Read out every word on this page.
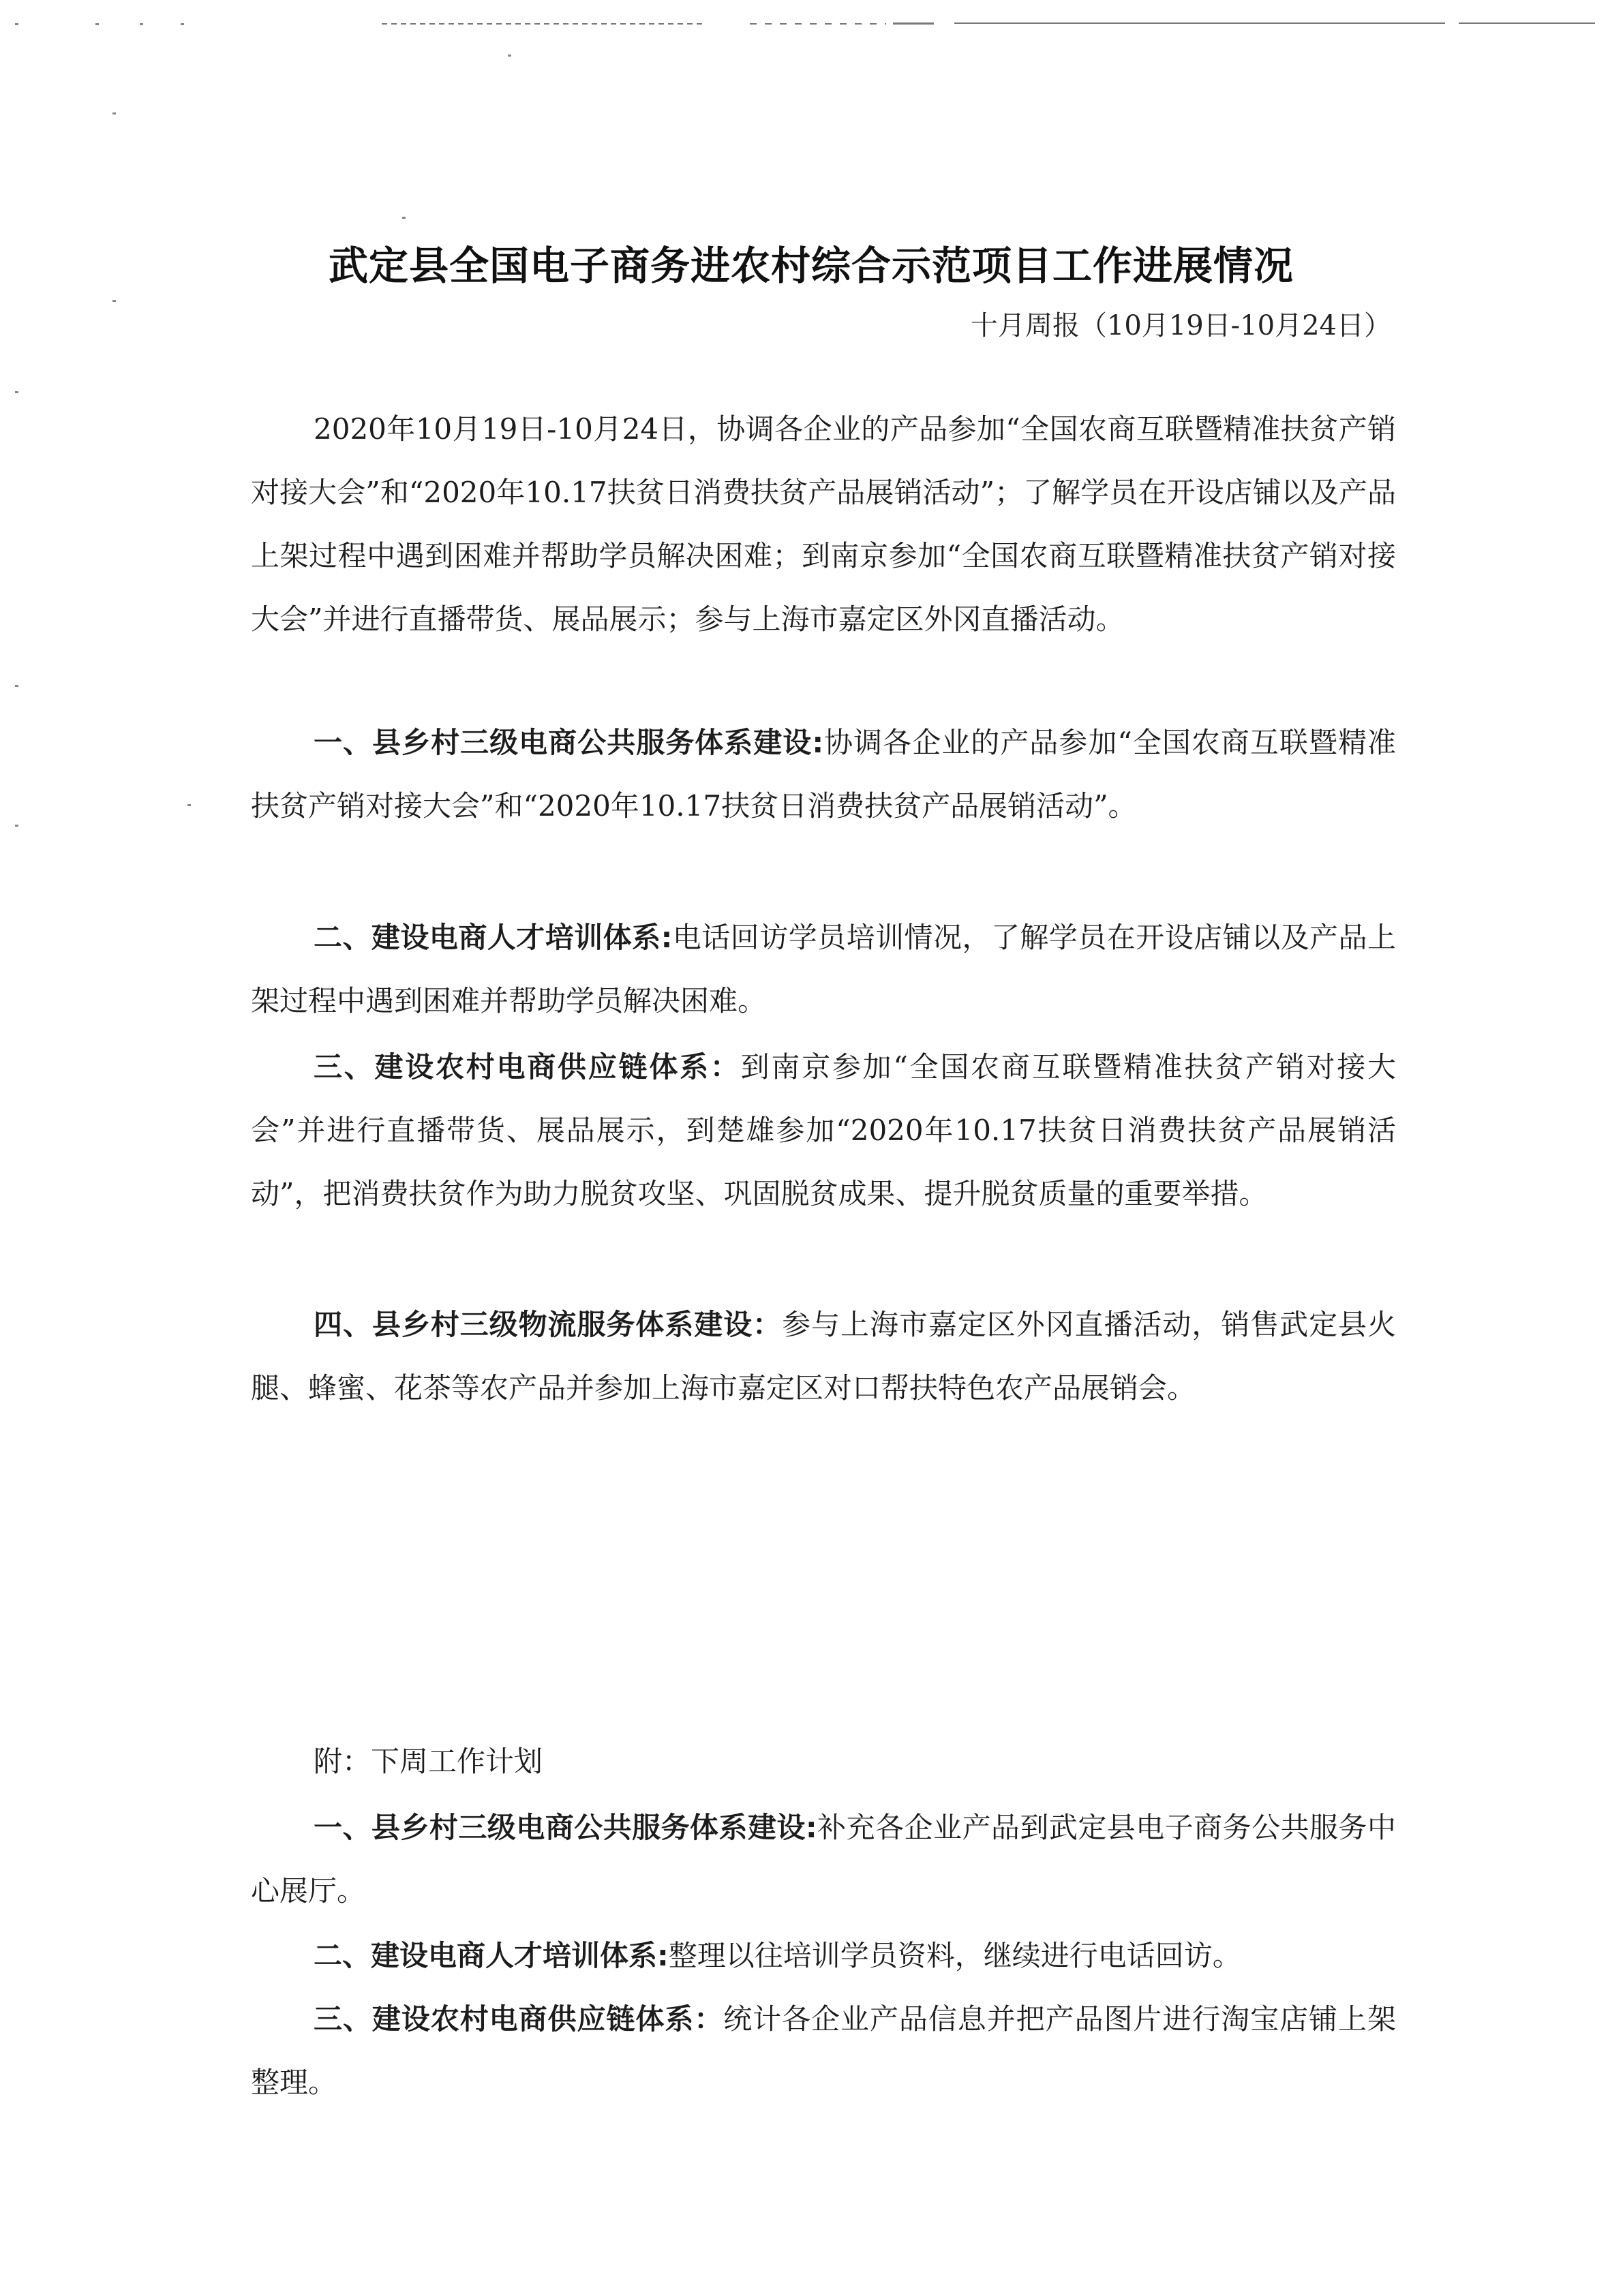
武定县全国电子商务进农村综合示范项目工作进展情况
十月周报（10月19日-10月24日）

2020年10月19日-10月24日，协调各企业的产品参加“全国农商互联暨精准扶贫产销对接大会”和“2020年10.17扶贫日消费扶贫产品展销活动”；了解学员在开设店铺以及产品上架过程中遇到困难并帮助学员解决困难；到南京参加“全国农商互联暨精准扶贫产销对接大会”并进行直播带货、展品展示；参与上海市嘉定区外冈直播活动。

一、县乡村三级电商公共服务体系建设:协调各企业的产品参加“全国农商互联暨精准扶贫产销对接大会”和“2020年10.17扶贫日消费扶贫产品展销活动”。

二、建设电商人才培训体系:电话回访学员培训情况，了解学员在开设店铺以及产品上架过程中遇到困难并帮助学员解决困难。

三、建设农村电商供应链体系：到南京参加“全国农商互联暨精准扶贫产销对接大会”并进行直播带货、展品展示，到楚雄参加“2020年10.17扶贫日消费扶贫产品展销活动”，把消费扶贫作为助力脱贫攻坚、巩固脱贫成果、提升脱贫质量的重要举措。

四、县乡村三级物流服务体系建设：参与上海市嘉定区外冈直播活动，销售武定县火腿、蜂蜜、花茶等农产品并参加上海市嘉定区对口帮扶特色农产品展销会。

附：下周工作计划

一、县乡村三级电商公共服务体系建设:补充各企业产品到武定县电子商务公共服务中心展厅。

二、建设电商人才培训体系:整理以往培训学员资料，继续进行电话回访。

三、建设农村电商供应链体系：统计各企业产品信息并把产品图片进行淘宝店铺上架整理。
